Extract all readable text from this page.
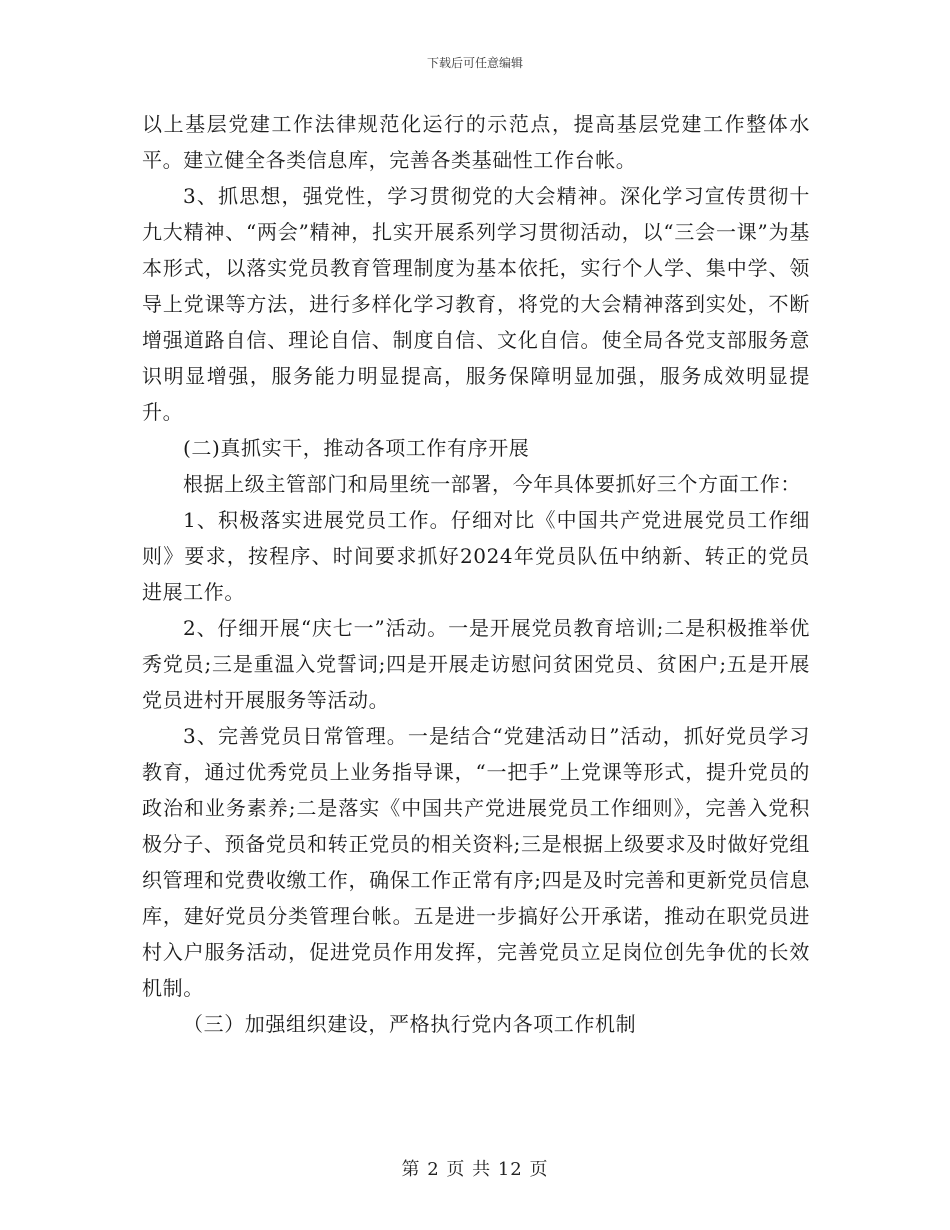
下载后可任意编辑

以上基层党建工作法律规范化运行的示范点，提高基层党建工作整体水平。建立健全各类信息库，完善各类基础性工作台帐。

3、抓思想，强党性，学习贯彻党的大会精神。深化学习宣传贯彻十九大精神、“两会”精神，扎实开展系列学习贯彻活动，以“三会一课”为基本形式，以落实党员教育管理制度为基本依托，实行个人学、集中学、领导上党课等方法，进行多样化学习教育，将党的大会精神落到实处，不断增强道路自信、理论自信、制度自信、文化自信。使全局各党支部服务意识明显增强，服务能力明显提高，服务保障明显加强，服务成效明显提升。

(二)真抓实干，推动各项工作有序开展

根据上级主管部门和局里统一部署，今年具体要抓好三个方面工作：

1、积极落实进展党员工作。仔细对比《中国共产党进展党员工作细则》要求，按程序、时间要求抓好2024年党员队伍中纳新、转正的党员进展工作。

2、仔细开展“庆七一”活动。一是开展党员教育培训;二是积极推举优秀党员;三是重温入党誓词;四是开展走访慰问贫困党员、贫困户;五是开展党员进村开展服务等活动。

3、完善党员日常管理。一是结合“党建活动日”活动，抓好党员学习教育，通过优秀党员上业务指导课，“一把手”上党课等形式，提升党员的政治和业务素养;二是落实《中国共产党进展党员工作细则》，完善入党积极分子、预备党员和转正党员的相关资料;三是根据上级要求及时做好党组织管理和党费收缴工作，确保工作正常有序;四是及时完善和更新党员信息库，建好党员分类管理台帐。五是进一步搞好公开承诺，推动在职党员进村入户服务活动，促进党员作用发挥，完善党员立足岗位创先争优的长效机制。

（三）加强组织建设，严格执行党内各项工作机制

第 2 页 共 12 页
